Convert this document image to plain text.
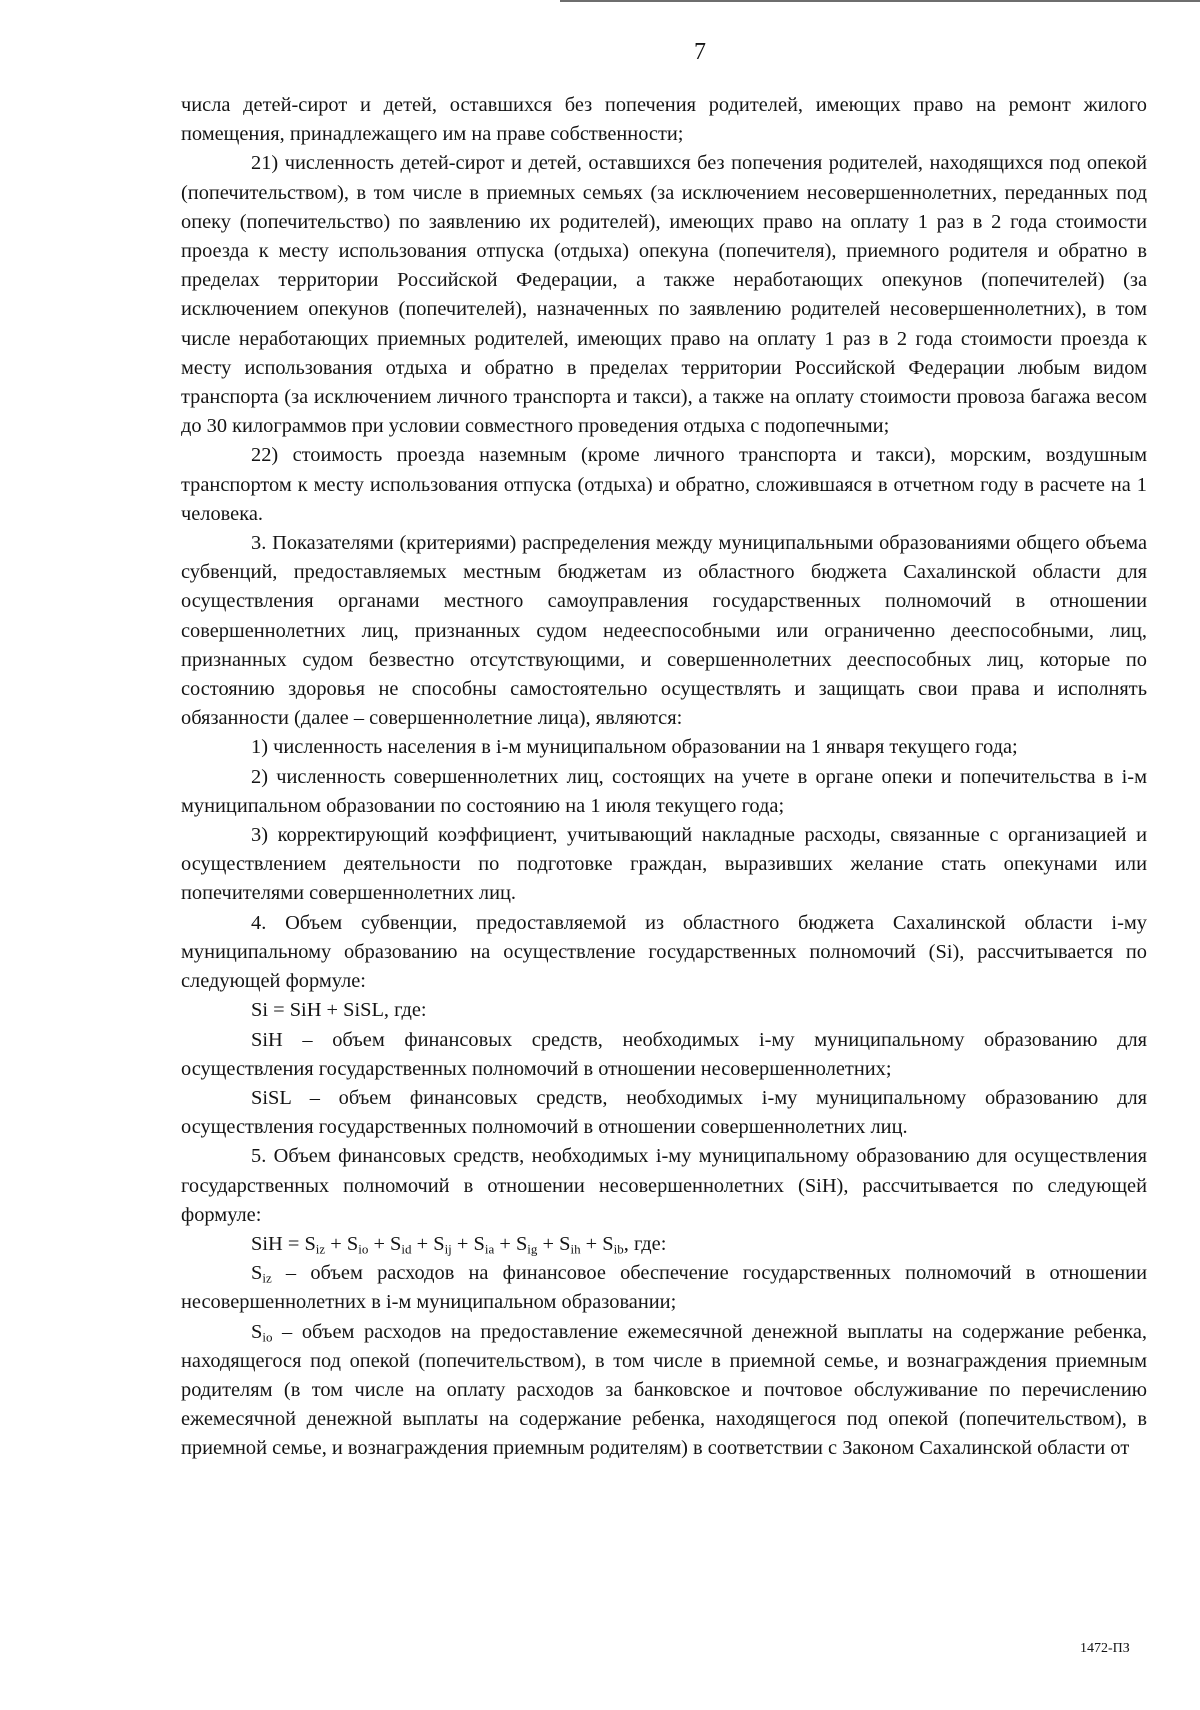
7

числа детей-сирот и детей, оставшихся без попечения родителей, имеющих право на ремонт жилого помещения, принадлежащего им на праве собственности;

21) численность детей-сирот и детей, оставшихся без попечения родителей, находящихся под опекой (попечительством), в том числе в приемных семьях (за исключением несовершеннолетних, переданных под опеку (попечительство) по заявлению их родителей), имеющих право на оплату 1 раз в 2 года стоимости проезда к месту использования отпуска (отдыха) опекуна (попечителя), приемного родителя и обратно в пределах территории Российской Федерации, а также неработающих опекунов (попечителей) (за исключением опекунов (попечителей), назначенных по заявлению родителей несовершеннолетних), в том числе неработающих приемных родителей, имеющих право на оплату 1 раз в 2 года стоимости проезда к месту использования отдыха и обратно в пределах территории Российской Федерации любым видом транспорта (за исключением личного транспорта и такси), а также на оплату стоимости провоза багажа весом до 30 килограммов при условии совместного проведения отдыха с подопечными;

22) стоимость проезда наземным (кроме личного транспорта и такси), морским, воздушным транспортом к месту использования отпуска (отдыха) и обратно, сложившаяся в отчетном году в расчете на 1 человека.

3. Показателями (критериями) распределения между муниципальными образованиями общего объема субвенций, предоставляемых местным бюджетам из областного бюджета Сахалинской области для осуществления органами местного самоуправления государственных полномочий в отношении совершеннолетних лиц, признанных судом недееспособными или ограниченно дееспособными, лиц, признанных судом безвестно отсутствующими, и совершеннолетних дееспособных лиц, которые по состоянию здоровья не способны самостоятельно осуществлять и защищать свои права и исполнять обязанности (далее – совершеннолетние лица), являются:

1) численность населения в i-м муниципальном образовании на 1 января текущего года;

2) численность совершеннолетних лиц, состоящих на учете в органе опеки и попечительства в i-м муниципальном образовании по состоянию на 1 июля текущего года;

3) корректирующий коэффициент, учитывающий накладные расходы, связанные с организацией и осуществлением деятельности по подготовке граждан, выразивших желание стать опекунами или попечителями совершеннолетних лиц.

4. Объем субвенции, предоставляемой из областного бюджета Сахалинской области i-му муниципальному образованию на осуществление государственных полномочий (Si), рассчитывается по следующей формуле:

Si = SiH + SiSL, где:

SiH – объем финансовых средств, необходимых i-му муниципальному образованию для осуществления государственных полномочий в отношении несовершеннолетних;

SiSL – объем финансовых средств, необходимых i-му муниципальному образованию для осуществления государственных полномочий в отношении совершеннолетних лиц.

5. Объем финансовых средств, необходимых i-му муниципальному образованию для осуществления государственных полномочий в отношении несовершеннолетних (SiH), рассчитывается по следующей формуле:

SiH = $S_{iz} + S_{io} + S_{id} + S_{ij} + S_{ia} + S_{ig} + S_{ih} + S_{ib}$, где:

$S_{iz}$ – объем расходов на финансовое обеспечение государственных полномочий в отношении несовершеннолетних в i-м муниципальном образовании;

$S_{io}$ – объем расходов на предоставление ежемесячной денежной выплаты на содержание ребенка, находящегося под опекой (попечительством), в том числе в приемной семье, и вознаграждения приемным родителям (в том числе на оплату расходов за банковское и почтовое обслуживание по перечислению ежемесячной денежной выплаты на содержание ребенка, находящегося под опекой (попечительством), в приемной семье, и вознаграждения приемным родителям) в соответствии с Законом Сахалинской области от

1472-ПЗ
